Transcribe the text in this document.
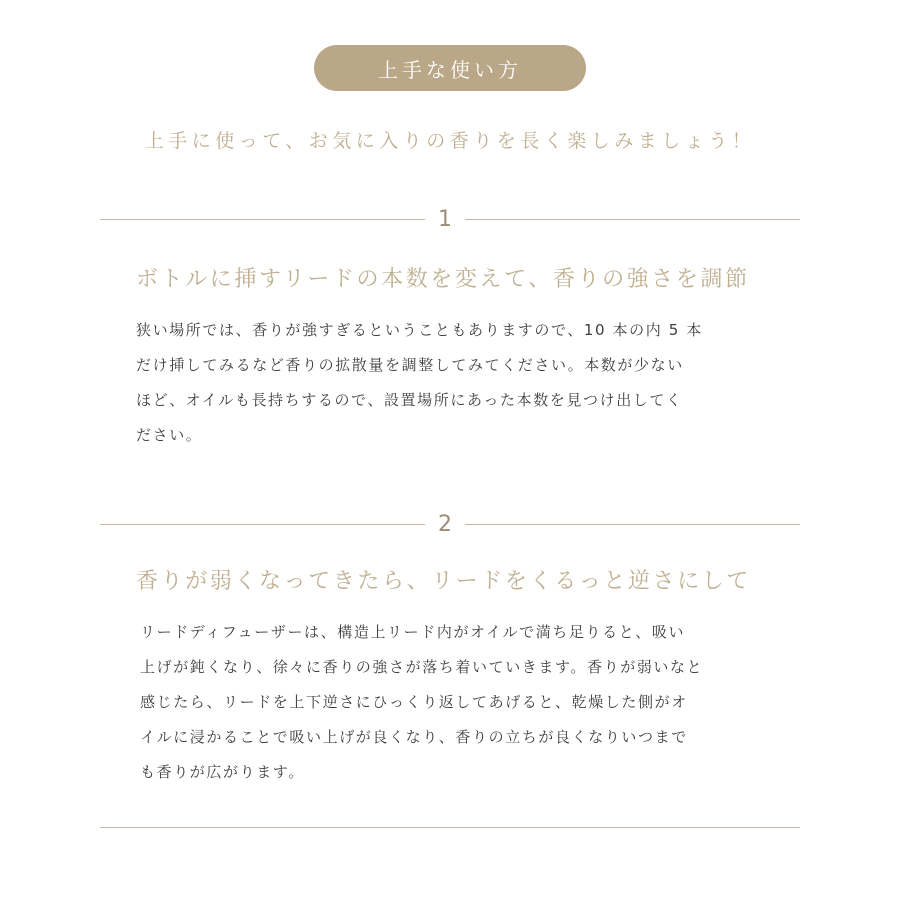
上手な使い方
上手に使って、お気に入りの香りを長く楽しみましょう！
1
ボトルに挿すリードの本数を変えて、香りの強さを調節

狭い場所では、香りが強すぎるということもありますので、10 本の内 5 本

だけ挿してみるなど香りの拡散量を調整してみてください。本数が少ない

ほど、オイルも長持ちするので、設置場所にあった本数を見つけ出してく

ださい。

2
香りが弱くなってきたら、リードをくるっと逆さにして

リードディフューザーは、構造上リード内がオイルで満ち足りると、吸い

上げが鈍くなり、徐々に香りの強さが落ち着いていきます。香りが弱いなと

感じたら、リードを上下逆さにひっくり返してあげると、乾燥した側がオ

イルに浸かることで吸い上げが良くなり、香りの立ちが良くなりいつまで

も香りが広がります。
